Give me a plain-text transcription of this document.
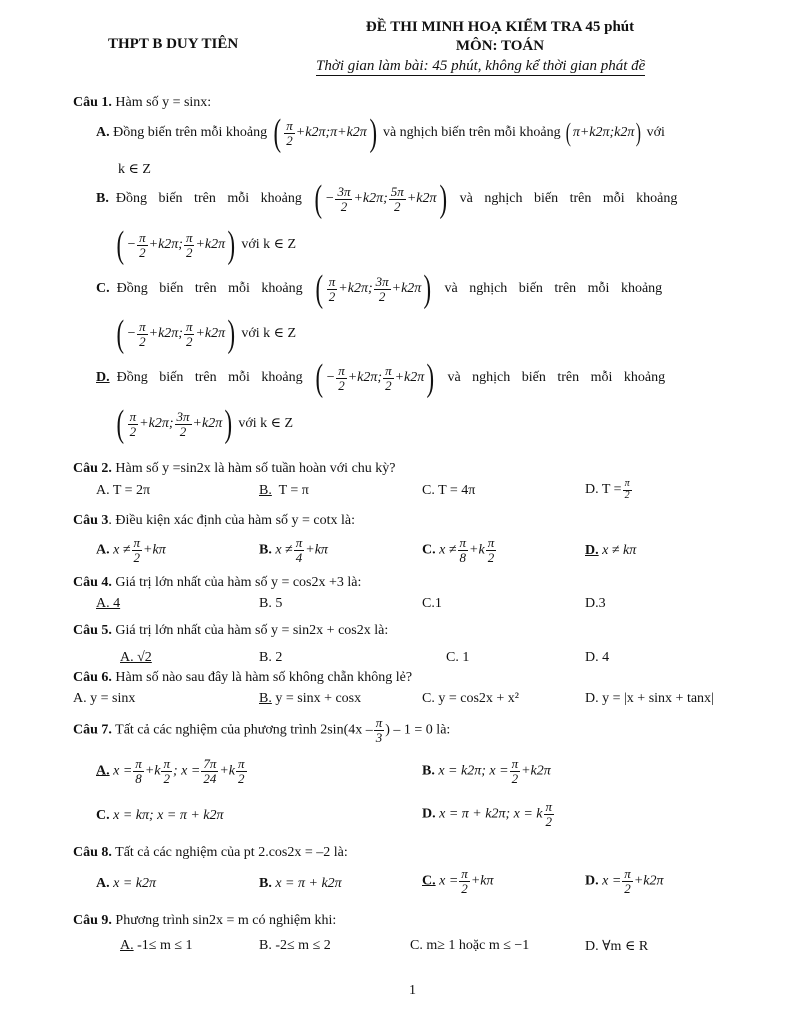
THPT B DUY TIÊN
ĐỀ THI MINH HOẠ KIỂM TRA 45 phút
MÔN: TOÁN
Thời gian làm bài: 45 phút, không kể thời gian phát đề
Câu 1. Hàm số y = sinx:
A. Đồng biến trên mỗi khoảng ( $\frac{\pi}{2}$ +k2π;π+k2π) và nghịch biến trên mỗi khoảng ( π+k2π;k2π) với
k ∈ Z
B. Đồng biến trên mỗi khoảng ( − $\frac{3\pi}{2} +k2\pi$; $\frac{5\pi}{2} +k2\pi$) và nghịch biến trên mỗi khoảng
( − $\frac{\pi}{2} +k2\pi$; $\frac{\pi}{2} +k2\pi$) với k ∈ Z
C. Đồng biến trên mỗi khoảng ( $\frac{\pi}{2} +k2\pi$; $\frac{3\pi}{2} +k2\pi$) và nghịch biến trên mỗi khoảng
( − $\frac{\pi}{2} +k2\pi$; $\frac{\pi}{2} +k2\pi$) với k ∈ Z
D. Đồng biến trên mỗi khoảng ( − $\frac{\pi}{2} +k2\pi$; $\frac{\pi}{2} +k2\pi$) và nghịch biến trên mỗi khoảng
( $\frac{\pi}{2} +k2\pi$; $\frac{3\pi}{2} +k2\pi$) với k ∈ Z
Câu 2. Hàm số y =sin2x là hàm số tuần hoàn với chu kỳ?
A. T = 2π	B. T = π	C. T = 4π	D. $T = \frac{\pi}{2}$
Câu 3. Điều kiện xác định của hàm số y = cotx là:
A. $x \ne \frac{\pi}{2} +k\pi$	B. $x \ne \frac{\pi}{4} +k\pi$	C. $x \ne \frac{\pi}{8} +k \frac{\pi}{2}$	D. x ≠ kπ
Câu 4. Giá trị lớn nhất của hàm số y = cos2x +3 là:
A. 4	B. 5	C.1	D.3
Câu 5. Giá trị lớn nhất của hàm số y = sin2x + cos2x là:
A. √2	B. 2	C. 1	D. 4
Câu 6. Hàm số nào sau đây là hàm số không chẵn không lẻ?
A. y = sinx	B. y = sinx + cosx	C. y = cos2x + x²	D. y = |x + sinx + tanx|
Câu 7. Tất cả các nghiệm của phương trình $2\sin(4x - \frac{\pi}{3}$ ) – 1 = 0 là:
A. $x = \frac{\pi}{8} +k \frac{\pi}{2}$ ; $x = \frac{7\pi}{24} +k \frac{\pi}{2}$	B. x = k2π; $x = \frac{\pi}{2} +k2\pi$
C. x = kπ; x = π + k2π	D. x = π + k2π; x = k $\frac{\pi}{2}$
Câu 8. Tất cả các nghiệm của pt 2.cos2x = –2 là:
A. x = k2π	B. x = π + k2π	C. $x = \frac{\pi}{2} +k\pi$	D. $x = \frac{\pi}{2} +k2\pi$
Câu 9. Phương trình sin2x = m có nghiệm khi:
A. -1≤ m ≤ 1	B. -2≤ m ≤ 2	C. m≥ 1 hoặc m ≤ −1	D. ∀m ∈ R
1
